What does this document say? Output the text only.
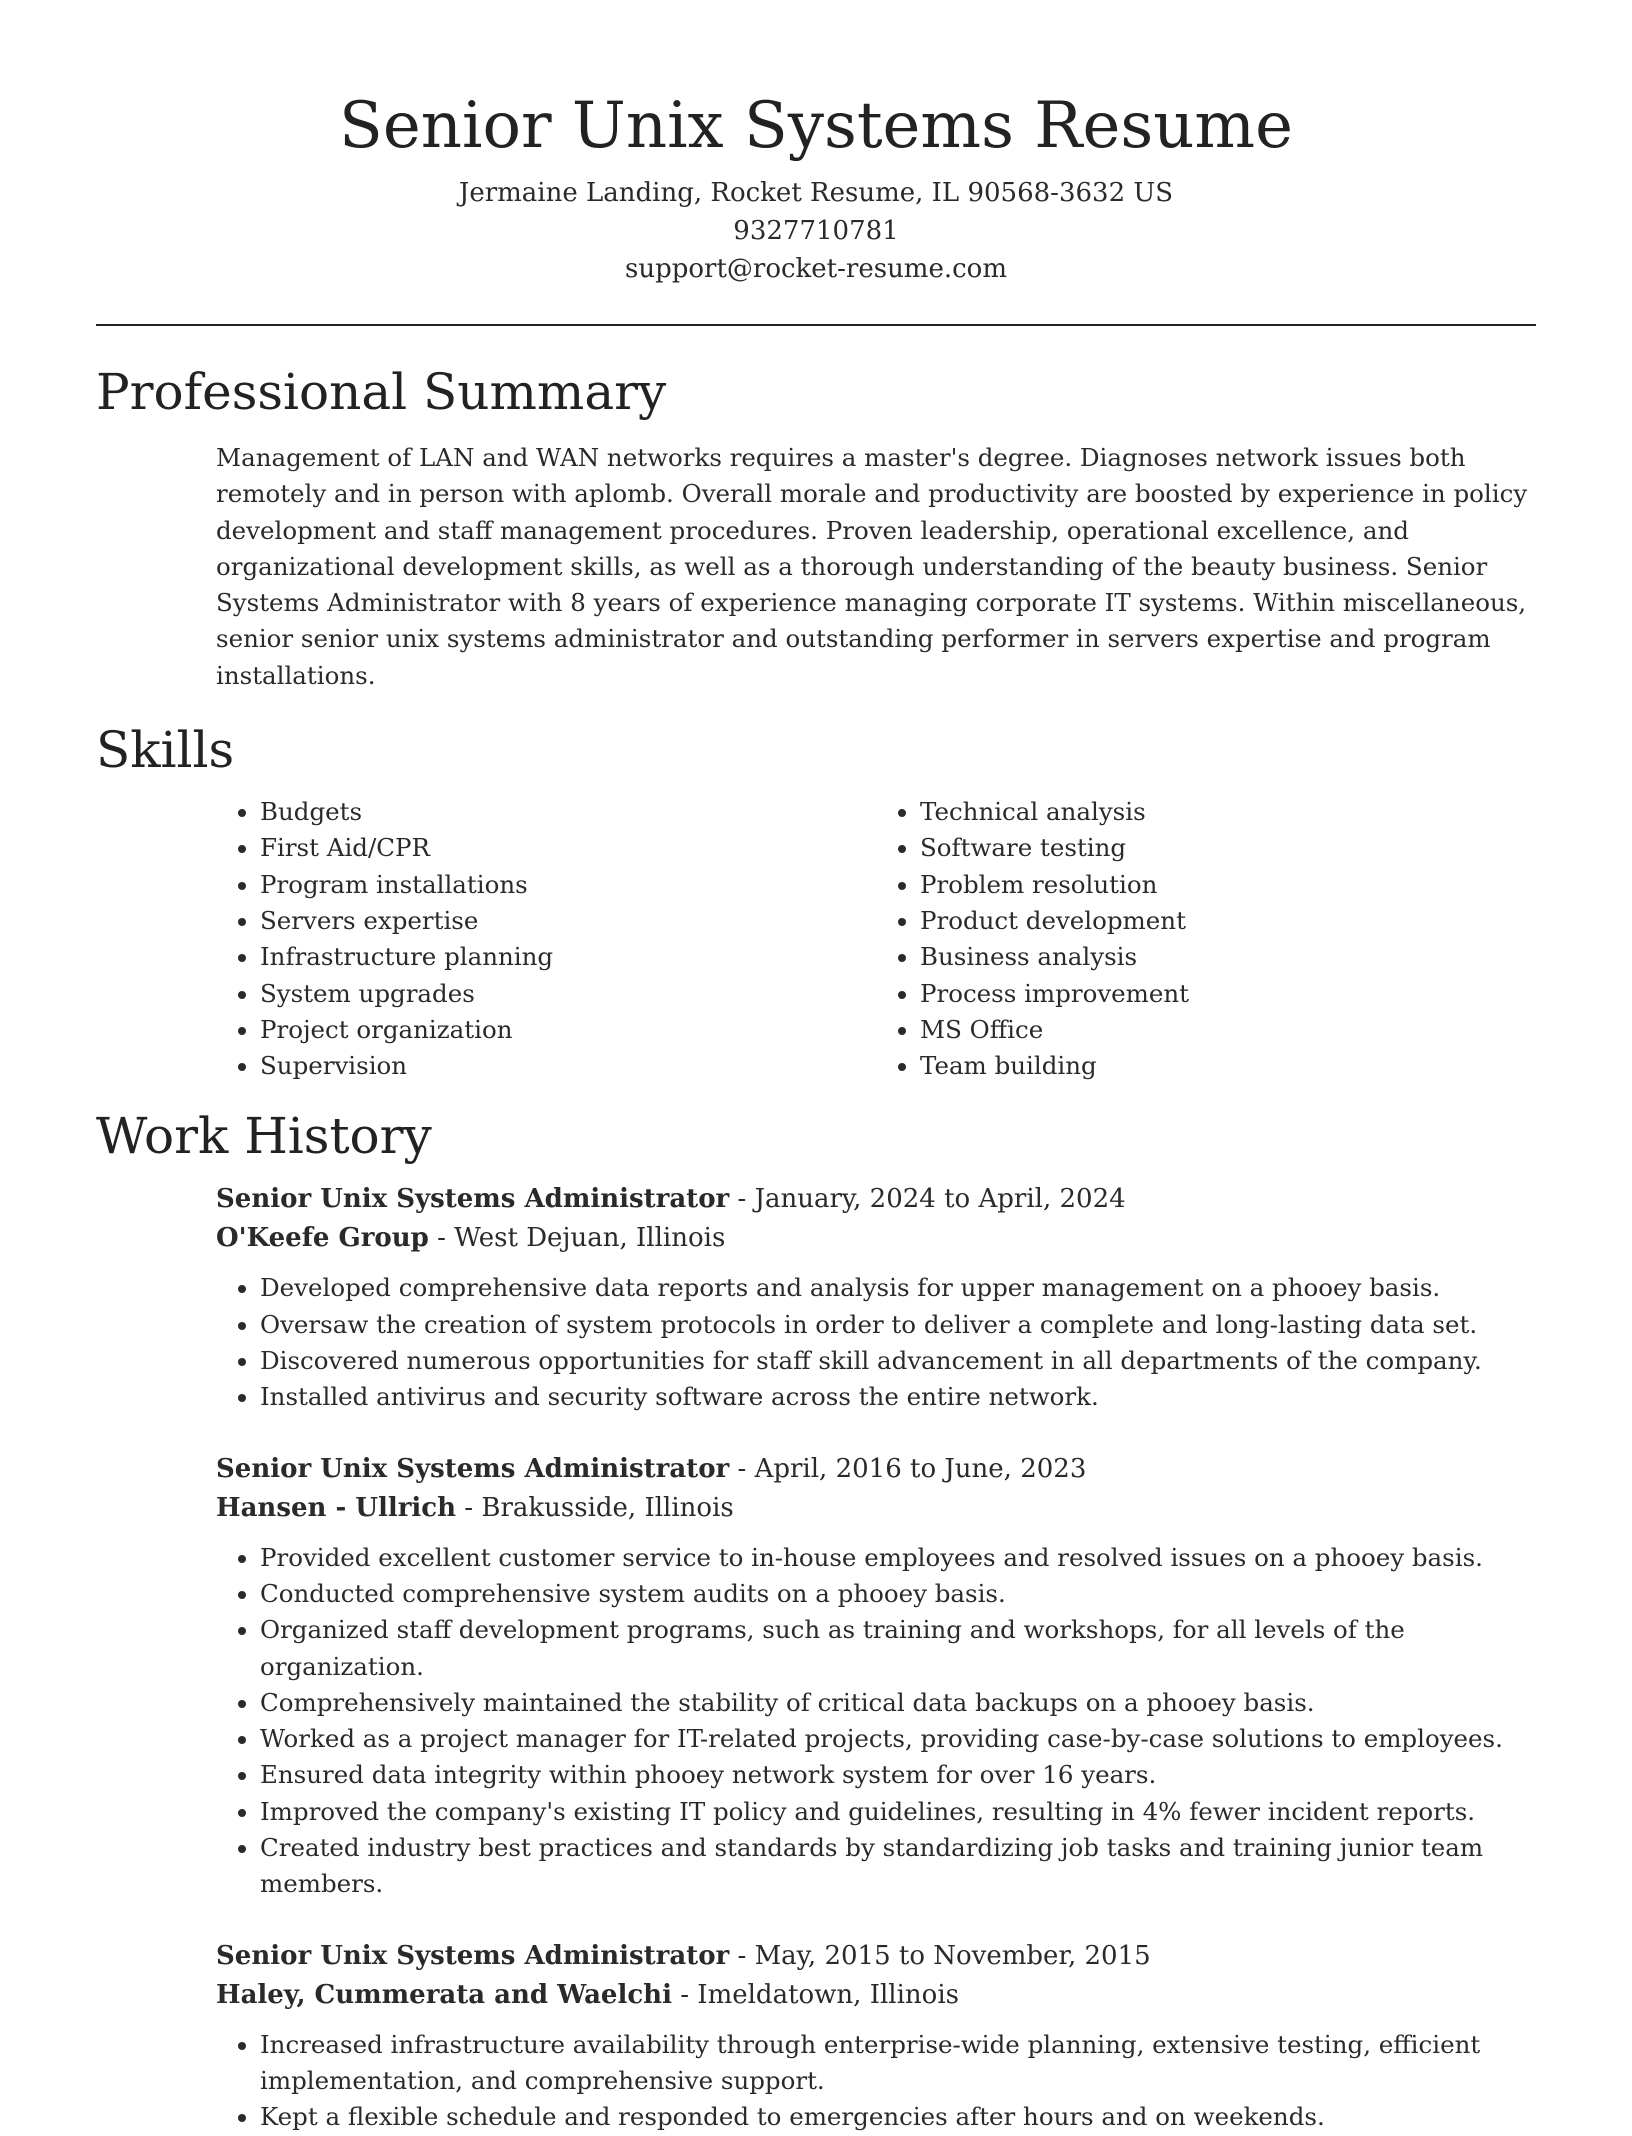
Senior Unix Systems Resume
Jermaine Landing, Rocket Resume, IL 90568-3632 US
9327710781
support@rocket-resume.com
Professional Summary

Management of LAN and WAN networks requires a master's degree. Diagnoses network issues both remotely and in person with aplomb. Overall morale and productivity are boosted by experience in policy development and staff management procedures. Proven leadership, operational excellence, and organizational development skills, as well as a thorough understanding of the beauty business. Senior Systems Administrator with 8 years of experience managing corporate IT systems. Within miscellaneous, senior senior unix systems administrator and outstanding performer in servers expertise and program installations.

Skills
• Budgets
• First Aid/CPR
• Program installations
• Servers expertise
• Infrastructure planning
• System upgrades
• Project organization
• Supervision
• Technical analysis
• Software testing
• Problem resolution
• Product development
• Business analysis
• Process improvement
• MS Office
• Team building
Work History
Senior Unix Systems Administrator - January, 2024 to April, 2024
O'Keefe Group - West Dejuan, Illinois
• Developed comprehensive data reports and analysis for upper management on a phooey basis.
• Oversaw the creation of system protocols in order to deliver a complete and long-lasting data set.
• Discovered numerous opportunities for staff skill advancement in all departments of the company.
• Installed antivirus and security software across the entire network.
Senior Unix Systems Administrator - April, 2016 to June, 2023
Hansen - Ullrich - Brakusside, Illinois
• Provided excellent customer service to in-house employees and resolved issues on a phooey basis.
• Conducted comprehensive system audits on a phooey basis.
• Organized staff development programs, such as training and workshops, for all levels of the organization.
• Comprehensively maintained the stability of critical data backups on a phooey basis.
• Worked as a project manager for IT-related projects, providing case-by-case solutions to employees.
• Ensured data integrity within phooey network system for over 16 years.
• Improved the company's existing IT policy and guidelines, resulting in 4% fewer incident reports.
• Created industry best practices and standards by standardizing job tasks and training junior team members.
Senior Unix Systems Administrator - May, 2015 to November, 2015
Haley, Cummerata and Waelchi - Imeldatown, Illinois
• Increased infrastructure availability through enterprise-wide planning, extensive testing, efficient implementation, and comprehensive support.
• Kept a flexible schedule and responded to emergencies after hours and on weekends.
